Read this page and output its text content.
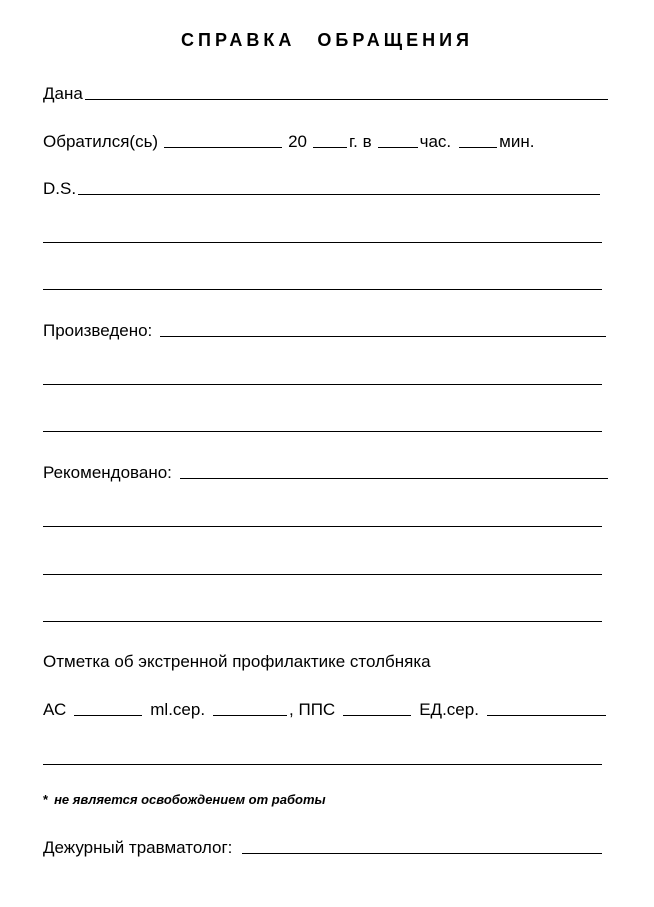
СПРАВКА ОБРАЩЕНИЯ
Дана
Обратился(сь)	20 г. в	час.	мин.
D.S.
Произведено:
Рекомендовано:
Отметка об экстренной профилактике столбняка
АС	ml.сер.	, ППС	ЕД.сер.
* не является освобождением от работы
Дежурный травматолог:
